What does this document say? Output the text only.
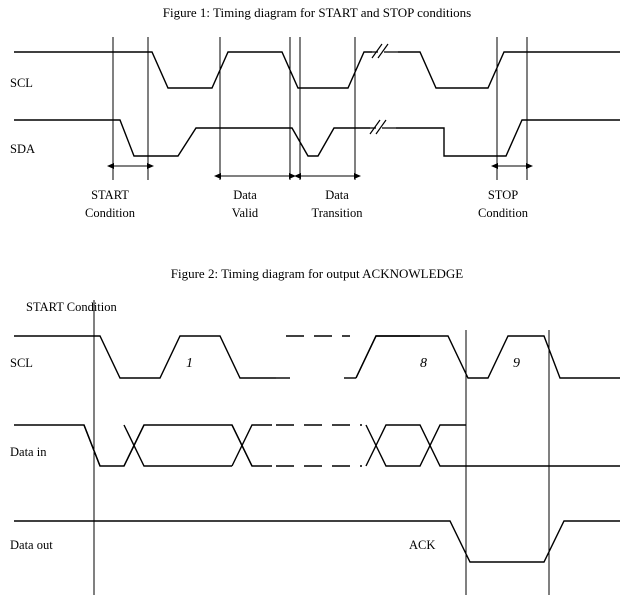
Figure 1: Timing diagram for START and STOP conditions
SCL
SDA
START
Condition
Data
Valid
Data
Transition
STOP
Condition
Figure 2: Timing diagram for output ACKNOWLEDGE
START Condition
SCL
Data in
Data out
1	8	9
ACK
